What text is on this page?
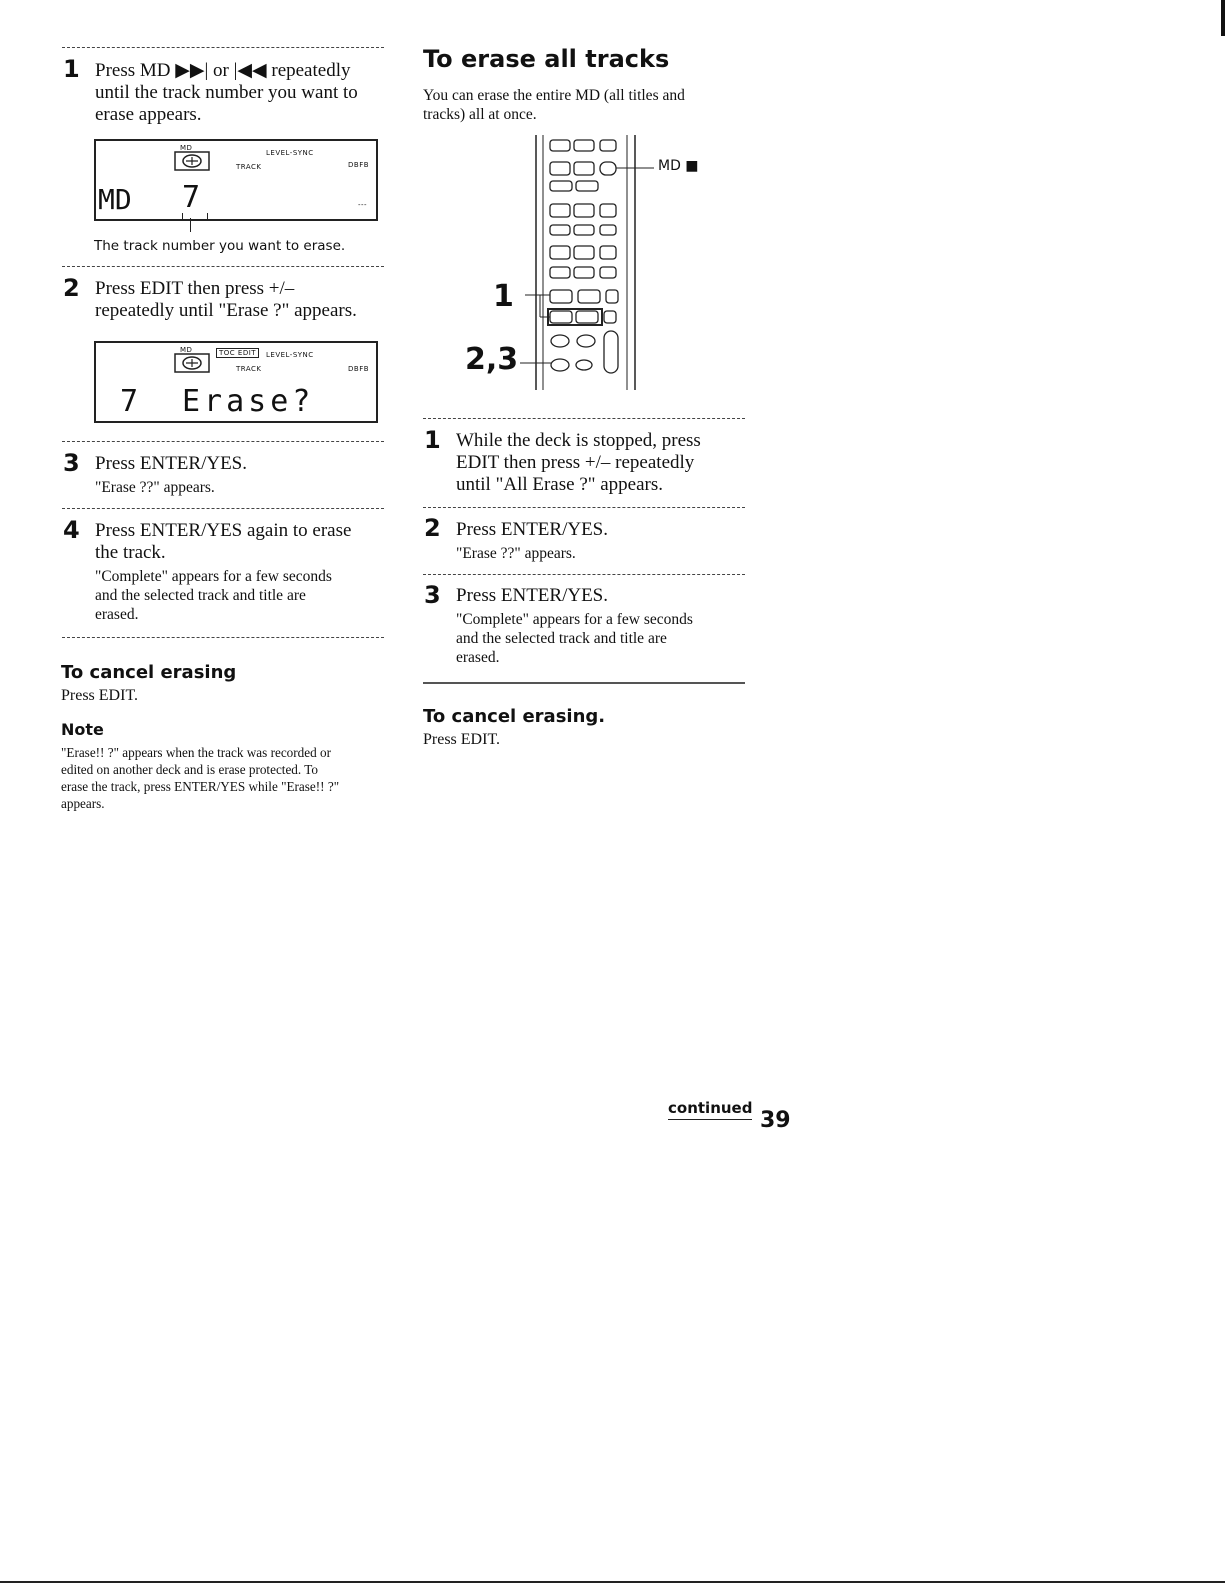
1 Press MD ▶▶| or |◀◀ repeatedly
until the track number you want to
erase appears.
MD
LEVEL-SYNC
TRACK	DBFB
MD 7	---
The track number you want to erase.
2 Press EDIT then press +/–
repeatedly until "Erase ?" appears.
MD	TOC EDIT	LEVEL-SYNC
TRACK	DBFB
7 Erase?
3 Press ENTER/YES.
"Erase ??" appears.
4 Press ENTER/YES again to erase
the track.
"Complete" appears for a few seconds
and the selected track and title are
erased.
To cancel erasing
Press EDIT.
Note
"Erase!! ?" appears when the track was recorded or
edited on another deck and is erase protected. To
erase the track, press ENTER/YES while "Erase!! ?"
appears.
To erase all tracks
You can erase the entire MD (all titles and
tracks) all at once.
MD ■
1
2,3
1 While the deck is stopped, press
EDIT then press +/– repeatedly
until "All Erase ?" appears.
2 Press ENTER/YES.
"Erase ??" appears.
3 Press ENTER/YES.
"Complete" appears for a few seconds
and the selected track and title are
erased.
To cancel erasing.
Press EDIT.
continued 39
